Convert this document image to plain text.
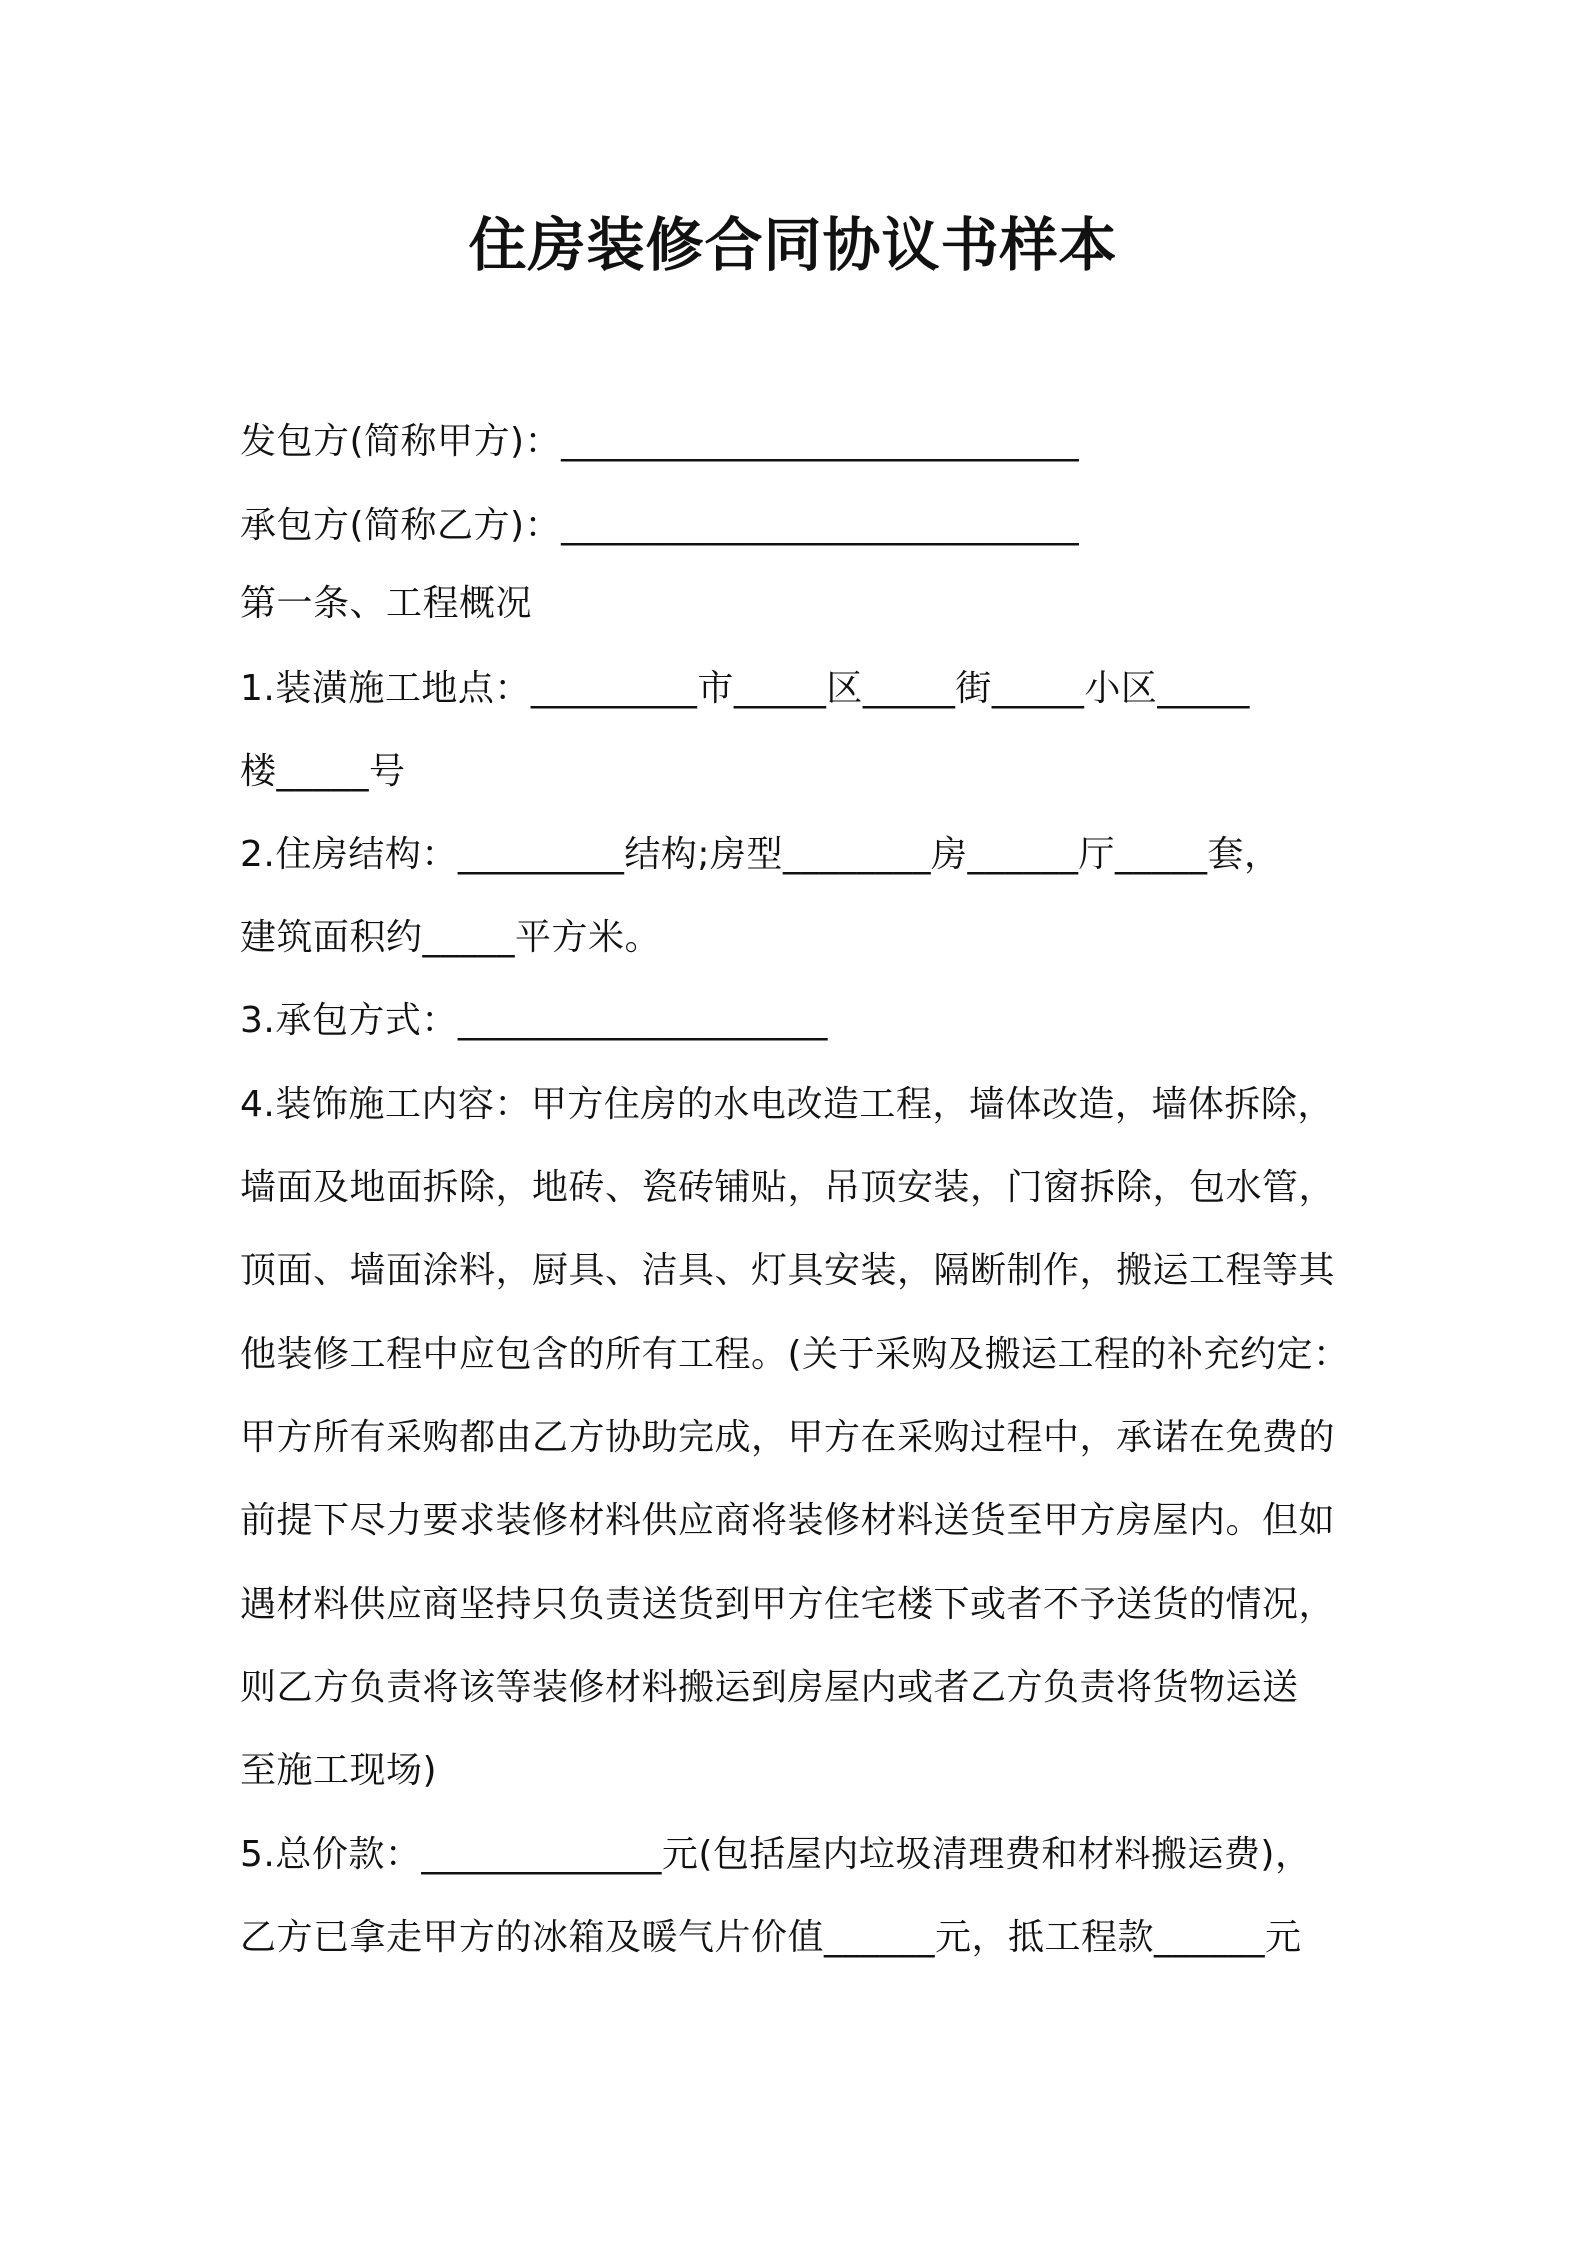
住房装修合同协议书样本
发包方(简称甲方)：____________________________
承包方(简称乙方)：____________________________
第一条、工程概况
1.装潢施工地点：_________市_____区_____街_____小区_____
楼_____号
2.住房结构：_________结构;房型________房______厅_____套，
建筑面积约_____平方米。
3.承包方式：____________________
4.装饰施工内容：甲方住房的水电改造工程，墙体改造，墙体拆除，
墙面及地面拆除，地砖、瓷砖铺贴，吊顶安装，门窗拆除，包水管，
顶面、墙面涂料，厨具、洁具、灯具安装，隔断制作，搬运工程等其
他装修工程中应包含的所有工程。(关于采购及搬运工程的补充约定：
甲方所有采购都由乙方协助完成，甲方在采购过程中，承诺在免费的
前提下尽力要求装修材料供应商将装修材料送货至甲方房屋内。但如
遇材料供应商坚持只负责送货到甲方住宅楼下或者不予送货的情况，
则乙方负责将该等装修材料搬运到房屋内或者乙方负责将货物运送
至施工现场)
5.总价款：_____________元(包括屋内垃圾清理费和材料搬运费)，
乙方已拿走甲方的冰箱及暖气片价值______元，抵工程款______元
